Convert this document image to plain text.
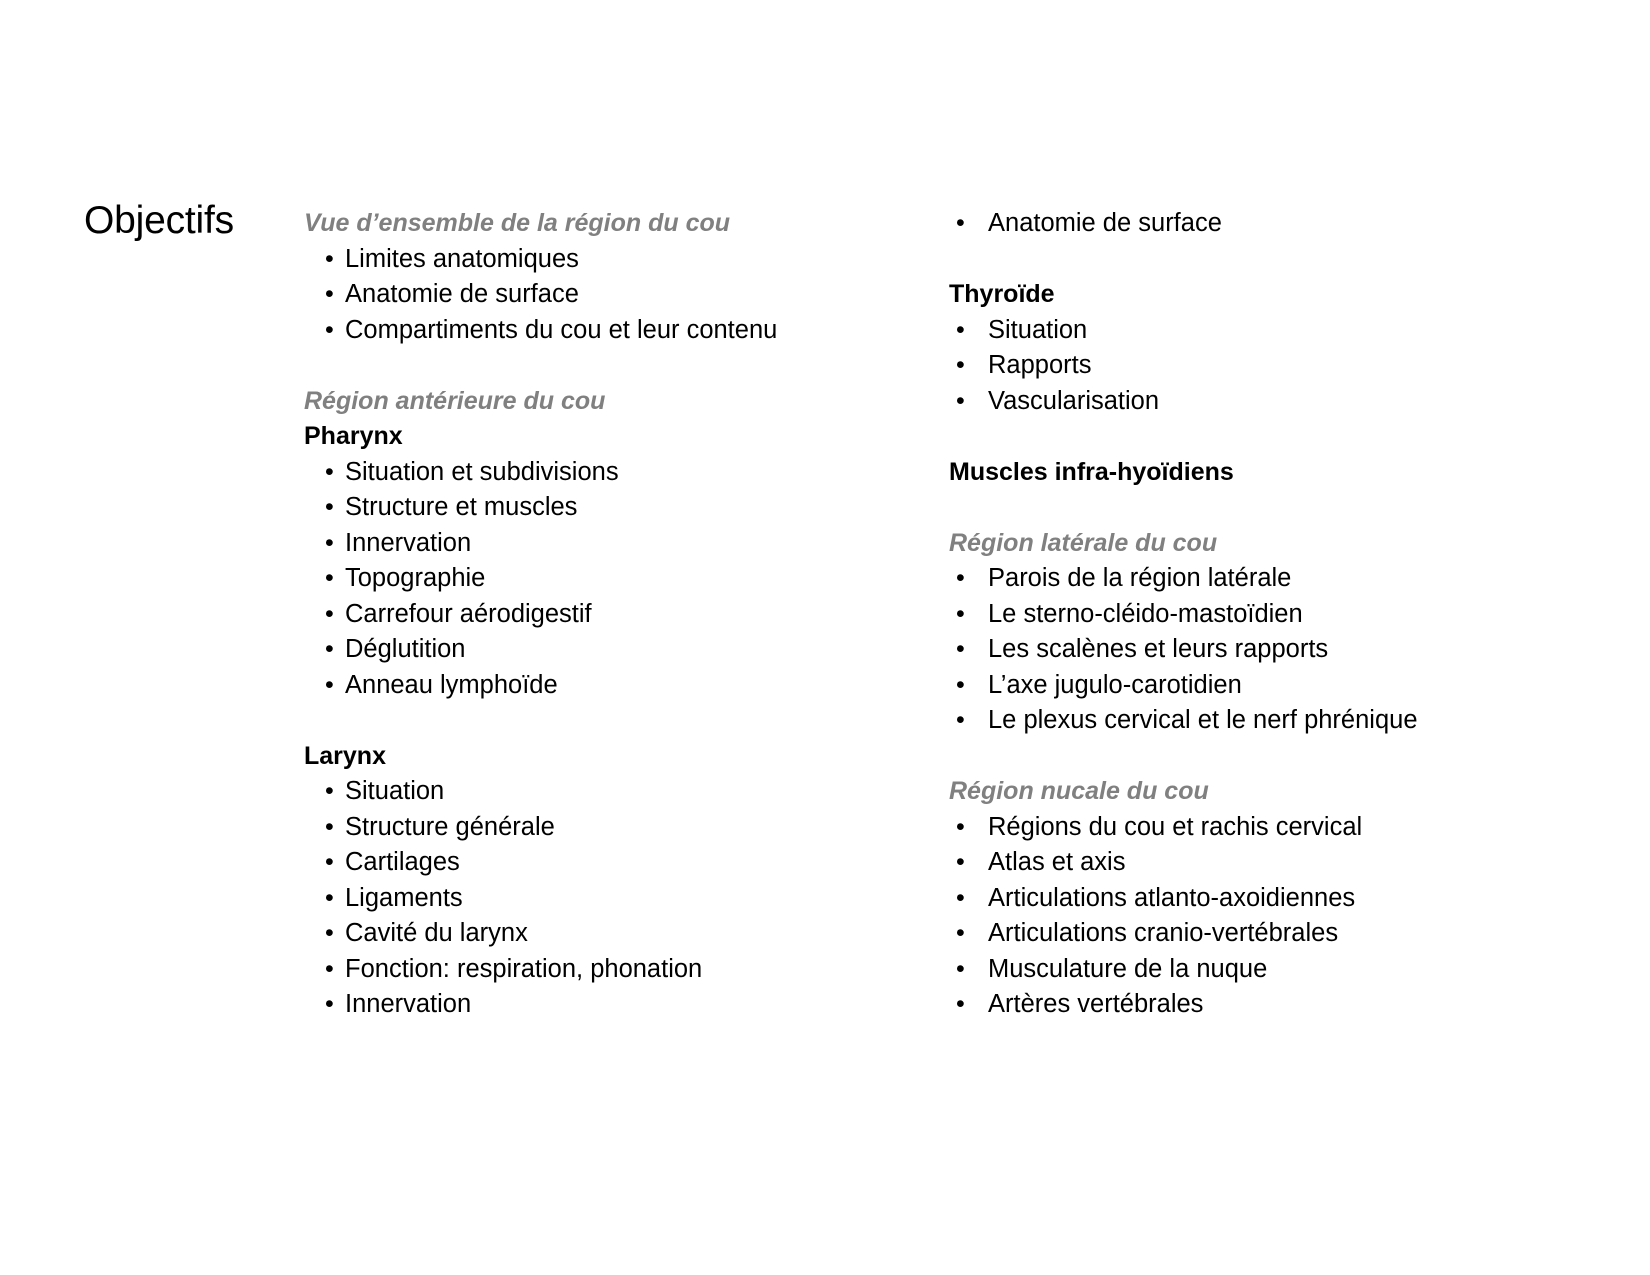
Objectifs	Vue d’ensemble de la région du cou
• Limites anatomiques
• Anatomie de surface
• Compartiments du cou et leur contenu

Région antérieure du cou
Pharynx
• Situation et subdivisions
• Structure et muscles
• Innervation
• Topographie
• Carrefour aérodigestif
• Déglutition
• Anneau lymphoïde

Larynx
• Situation
• Structure générale
• Cartilages
• Ligaments
• Cavité du larynx
• Fonction: respiration, phonation
• Innervation
• Anatomie de surface

Thyroïde
• Situation
• Rapports
• Vascularisation

Muscles infra-hyoïdiens

Région latérale du cou
• Parois de la région latérale
• Le sterno-cléido-mastoïdien
• Les scalènes et leurs rapports
• L’axe jugulo-carotidien
• Le plexus cervical et le nerf phrénique

Région nucale du cou
• Régions du cou et rachis cervical
• Atlas et axis
• Articulations atlanto-axoidiennes
• Articulations cranio-vertébrales
• Musculature de la nuque
• Artères vertébrales
